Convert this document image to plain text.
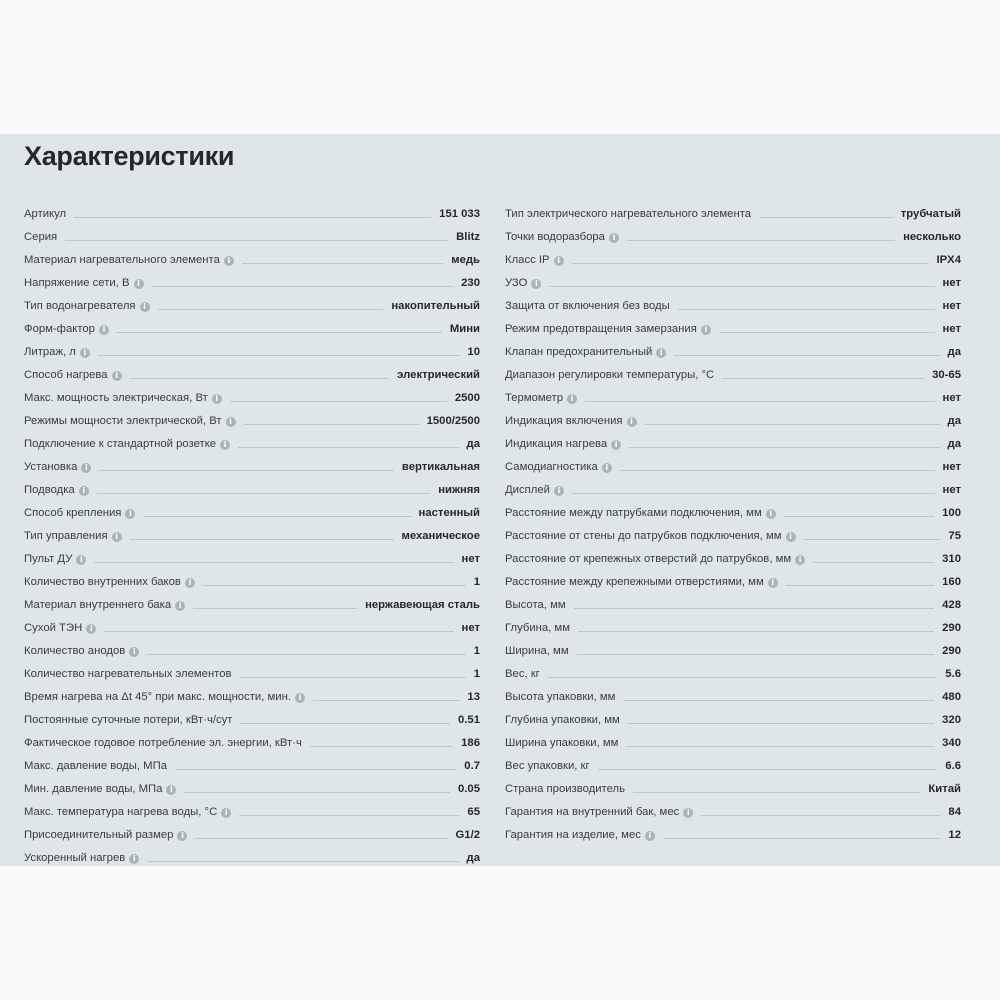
Характеристики
Артикул	151 033
Серия	Blitz
Материал нагревательного элемента i	медь
Напряжение сети, В i	230
Тип водонагревателя i	накопительный
Форм-фактор i	Мини
Литраж, л i	10
Способ нагрева i	электрический
Макс. мощность электрическая, Вт i	2500
Режимы мощности электрической, Вт i	1500/2500
Подключение к стандартной розетке i	да
Установка i	вертикальная
Подводка i	нижняя
Способ крепления i	настенный
Тип управления i	механическое
Пульт ДУ i	нет
Количество внутренних баков i	1
Материал внутреннего бака i	нержавеющая сталь
Сухой ТЭН i	нет
Количество анодов i	1
Количество нагревательных элементов	1
Время нагрева на Δt 45° при макс. мощности, мин. i	13
Постоянные суточные потери, кВт·ч/сут	0.51
Фактическое годовое потребление эл. энергии, кВт·ч	186
Макс. давление воды, МПа	0.7
Мин. давление воды, МПа i	0.05
Макс. температура нагрева воды, °С i	65
Присоединительный размер i	G1/2
Ускоренный нагрев i	да
Тип электрического нагревательного элемента	трубчатый
Точки водоразбора i	несколько
Класс IP i	IPX4
УЗО i	нет
Защита от включения без воды	нет
Режим предотвращения замерзания i	нет
Клапан предохранительный i	да
Диапазон регулировки температуры, °С	30-65
Термометр i	нет
Индикация включения i	да
Индикация нагрева i	да
Самодиагностика i	нет
Дисплей i	нет
Расстояние между патрубками подключения, мм i	100
Расстояние от стены до патрубков подключения, мм i	75
Расстояние от крепежных отверстий до патрубков, мм i	310
Расстояние между крепежными отверстиями, мм i	160
Высота, мм	428
Глубина, мм	290
Ширина, мм	290
Вес, кг	5.6
Высота упаковки, мм	480
Глубина упаковки, мм	320
Ширина упаковки, мм	340
Вес упаковки, кг	6.6
Страна производитель	Китай
Гарантия на внутренний бак, мес i	84
Гарантия на изделие, мес i	12
